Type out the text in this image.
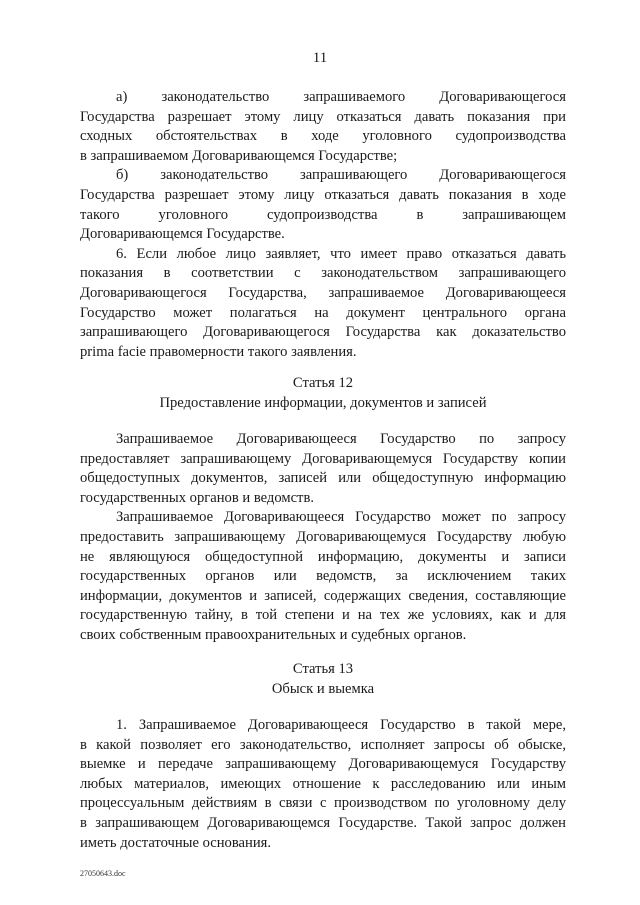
11
а) законодательство запрашиваемого Договаривающегося
Государства разрешает этому лицу отказаться давать показания при
сходных обстоятельствах в ходе уголовного судопроизводства
в запрашиваемом Договаривающемся Государстве;
б) законодательство запрашивающего Договаривающегося
Государства разрешает этому лицу отказаться давать показания в ходе
такого уголовного судопроизводства в запрашивающем
Договаривающемся Государстве.
6. Если любое лицо заявляет, что имеет право отказаться давать
показания в соответствии с законодательством запрашивающего
Договаривающегося Государства, запрашиваемое Договаривающееся
Государство может полагаться на документ центрального органа
запрашивающего Договаривающегося Государства как доказательство
prima facie правомерности такого заявления.
Статья 12
Предоставление информации, документов и записей
Запрашиваемое Договаривающееся Государство по запросу
предоставляет запрашивающему Договаривающемуся Государству копии
общедоступных документов, записей или общедоступную информацию
государственных органов и ведомств.
Запрашиваемое Договаривающееся Государство может по запросу
предоставить запрашивающему Договаривающемуся Государству любую
не являющуюся общедоступной информацию, документы и записи
государственных органов или ведомств, за исключением таких
информации, документов и записей, содержащих сведения, составляющие
государственную тайну, в той степени и на тех же условиях, как и для
своих собственным правоохранительных и судебных органов.
Статья 13
Обыск и выемка
1. Запрашиваемое Договаривающееся Государство в такой мере,
в какой позволяет его законодательство, исполняет запросы об обыске,
выемке и передаче запрашивающему Договаривающемуся Государству
любых материалов, имеющих отношение к расследованию или иным
процессуальным действиям в связи с производством по уголовному делу
в запрашивающем Договаривающемся Государстве. Такой запрос должен
иметь достаточные основания.
27050643.doc
